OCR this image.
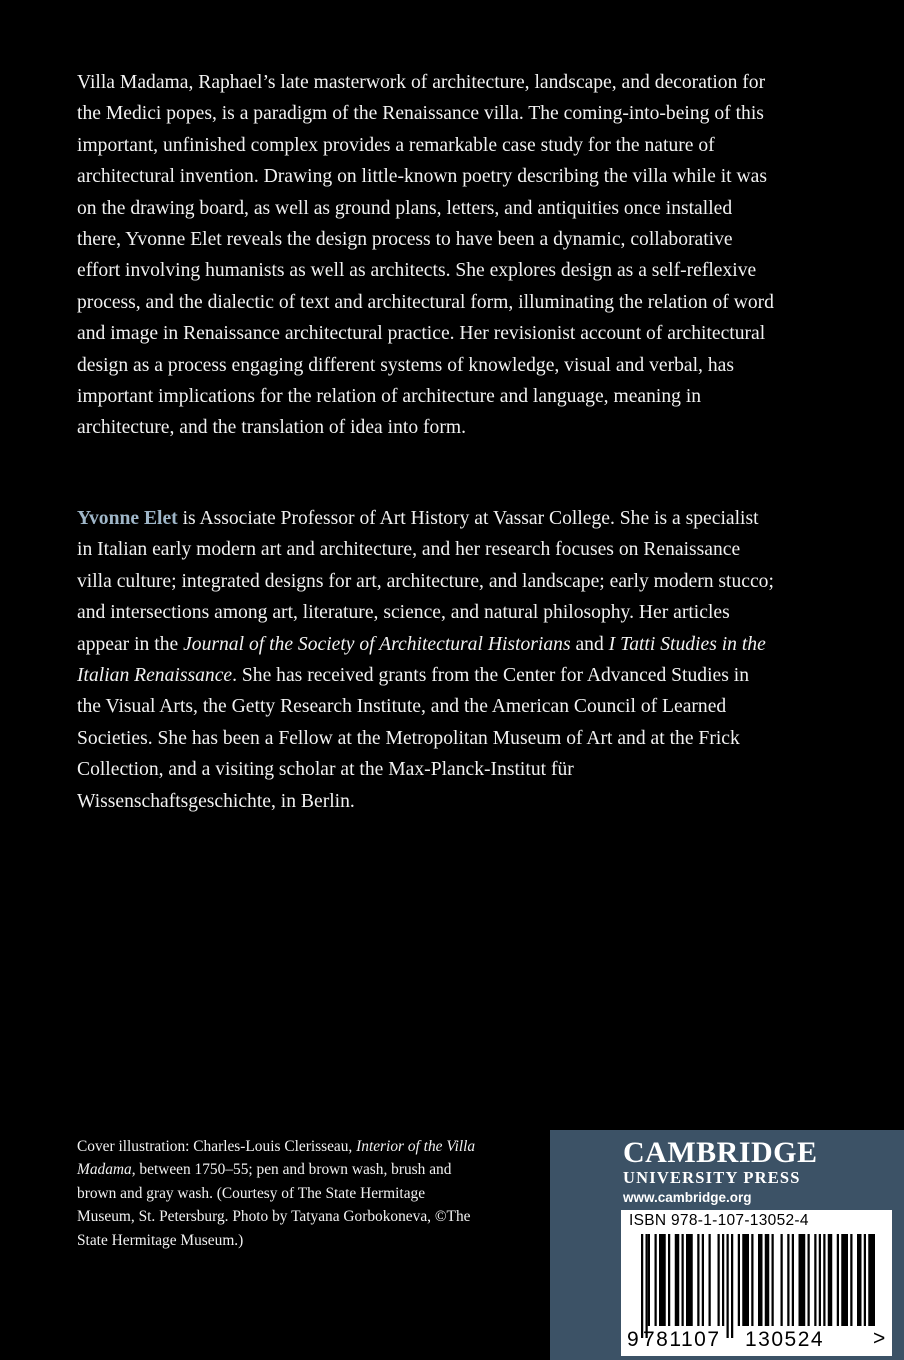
Villa Madama, Raphael’s late masterwork of architecture, landscape, and decoration for the Medici popes, is a paradigm of the Renaissance villa. The coming-into-being of this important, unfinished complex provides a remarkable case study for the nature of architectural invention. Drawing on little-known poetry describing the villa while it was on the drawing board, as well as ground plans, letters, and antiquities once installed there, Yvonne Elet reveals the design process to have been a dynamic, collaborative effort involving humanists as well as architects. She explores design as a self-reflexive process, and the dialectic of text and architectural form, illuminating the relation of word and image in Renaissance architectural practice. Her revisionist account of architectural design as a process engaging different systems of knowledge, visual and verbal, has important implications for the relation of architecture and language, meaning in architecture, and the translation of idea into form.

Yvonne Elet is Associate Professor of Art History at Vassar College. She is a specialist in Italian early modern art and architecture, and her research focuses on Renaissance villa culture; integrated designs for art, architecture, and landscape; early modern stucco; and intersections among art, literature, science, and natural philosophy. Her articles appear in the Journal of the Society of Architectural Historians and I Tatti Studies in the Italian Renaissance. She has received grants from the Center for Advanced Studies in the Visual Arts, the Getty Research Institute, and the American Council of Learned Societies. She has been a Fellow at the Metropolitan Museum of Art and at the Frick Collection, and a visiting scholar at the Max-Planck-Institut für Wissenschaftsgeschichte, in Berlin.

Cover illustration: Charles-Louis Clerisseau, Interior of the Villa Madama, between 1750–55; pen and brown wash, brush and brown and gray wash. (Courtesy of The State Hermitage Museum, St. Petersburg. Photo by Tatyana Gorbokoneva, ©The State Hermitage Museum.)

CAMBRIDGE
UNIVERSITY PRESS
www.cambridge.org
ISBN 978-1-107-13052-4
9 781107 130524 >
